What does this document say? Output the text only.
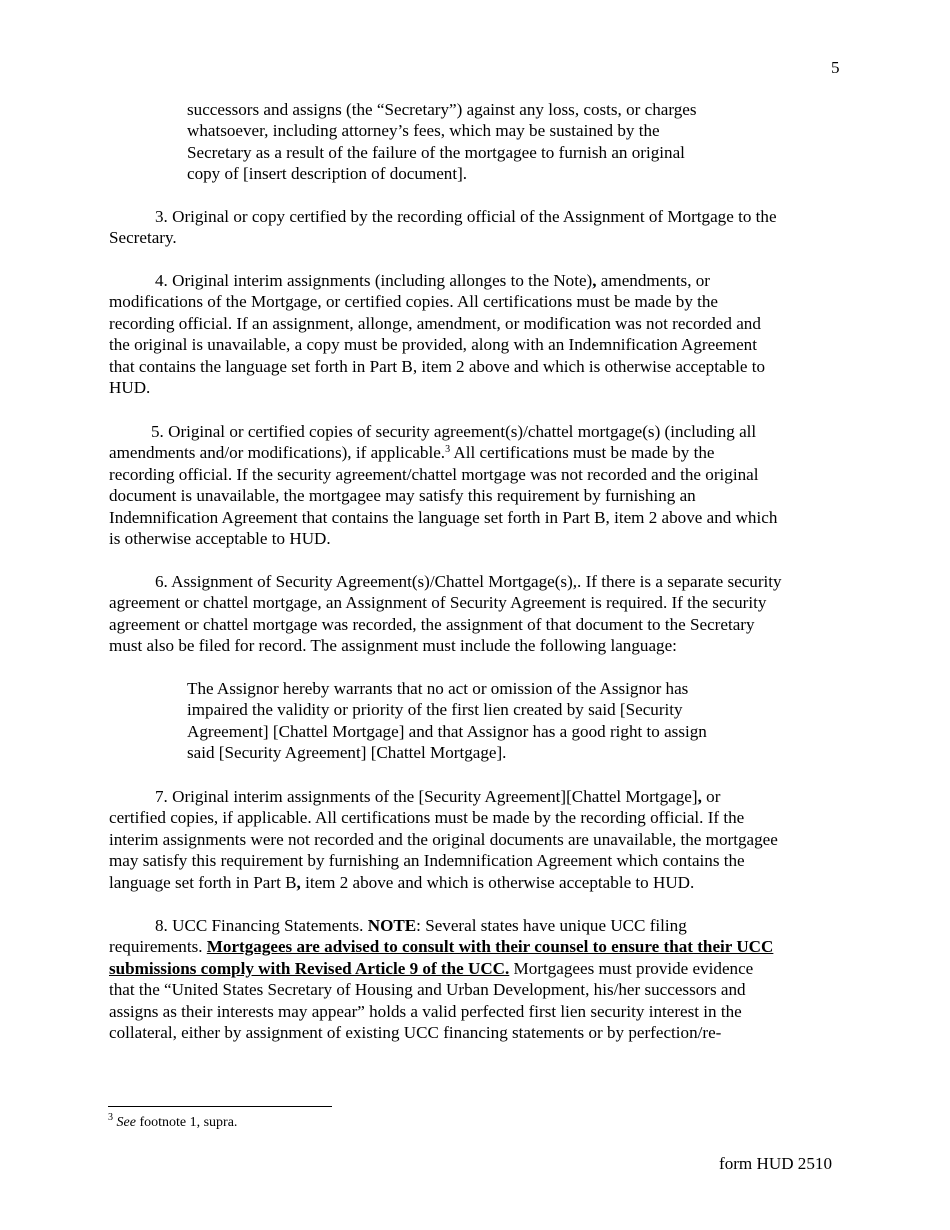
5
successors and assigns (the “Secretary”) against any loss, costs, or charges
whatsoever, including attorney’s fees, which may be sustained by the
Secretary as a result of the failure of the mortgagee to furnish an original
copy of [insert description of document].
3. Original or copy certified by the recording official of the Assignment of Mortgage to the
Secretary.
4. Original interim assignments (including allonges to the Note), amendments, or
modifications of the Mortgage, or certified copies. All certifications must be made by the
recording official. If an assignment, allonge, amendment, or modification was not recorded and
the original is unavailable, a copy must be provided, along with an Indemnification Agreement
that contains the language set forth in Part B, item 2 above and which is otherwise acceptable to
HUD.
5. Original or certified copies of security agreement(s)/chattel mortgage(s) (including all
amendments and/or modifications), if applicable.$^3$ All certifications must be made by the
recording official. If the security agreement/chattel mortgage was not recorded and the original
document is unavailable, the mortgagee may satisfy this requirement by furnishing an
Indemnification Agreement that contains the language set forth in Part B, item 2 above and which
is otherwise acceptable to HUD.
6. Assignment of Security Agreement(s)/Chattel Mortgage(s),. If there is a separate security
agreement or chattel mortgage, an Assignment of Security Agreement is required. If the security
agreement or chattel mortgage was recorded, the assignment of that document to the Secretary
must also be filed for record. The assignment must include the following language:
The Assignor hereby warrants that no act or omission of the Assignor has
impaired the validity or priority of the first lien created by said [Security
Agreement] [Chattel Mortgage] and that Assignor has a good right to assign
said [Security Agreement] [Chattel Mortgage].
7. Original interim assignments of the [Security Agreement][Chattel Mortgage], or
certified copies, if applicable. All certifications must be made by the recording official. If the
interim assignments were not recorded and the original documents are unavailable, the mortgagee
may satisfy this requirement by furnishing an Indemnification Agreement which contains the
language set forth in Part B, item 2 above and which is otherwise acceptable to HUD.
8. UCC Financing Statements. NOTE: Several states have unique UCC filing
requirements. Mortgagees are advised to consult with their counsel to ensure that their UCC
submissions comply with Revised Article 9 of the UCC. Mortgagees must provide evidence
that the “United States Secretary of Housing and Urban Development, his/her successors and
assigns as their interests may appear” holds a valid perfected first lien security interest in the
collateral, either by assignment of existing UCC financing statements or by perfection/re-
$^3$ See footnote 1, supra.
form HUD 2510
